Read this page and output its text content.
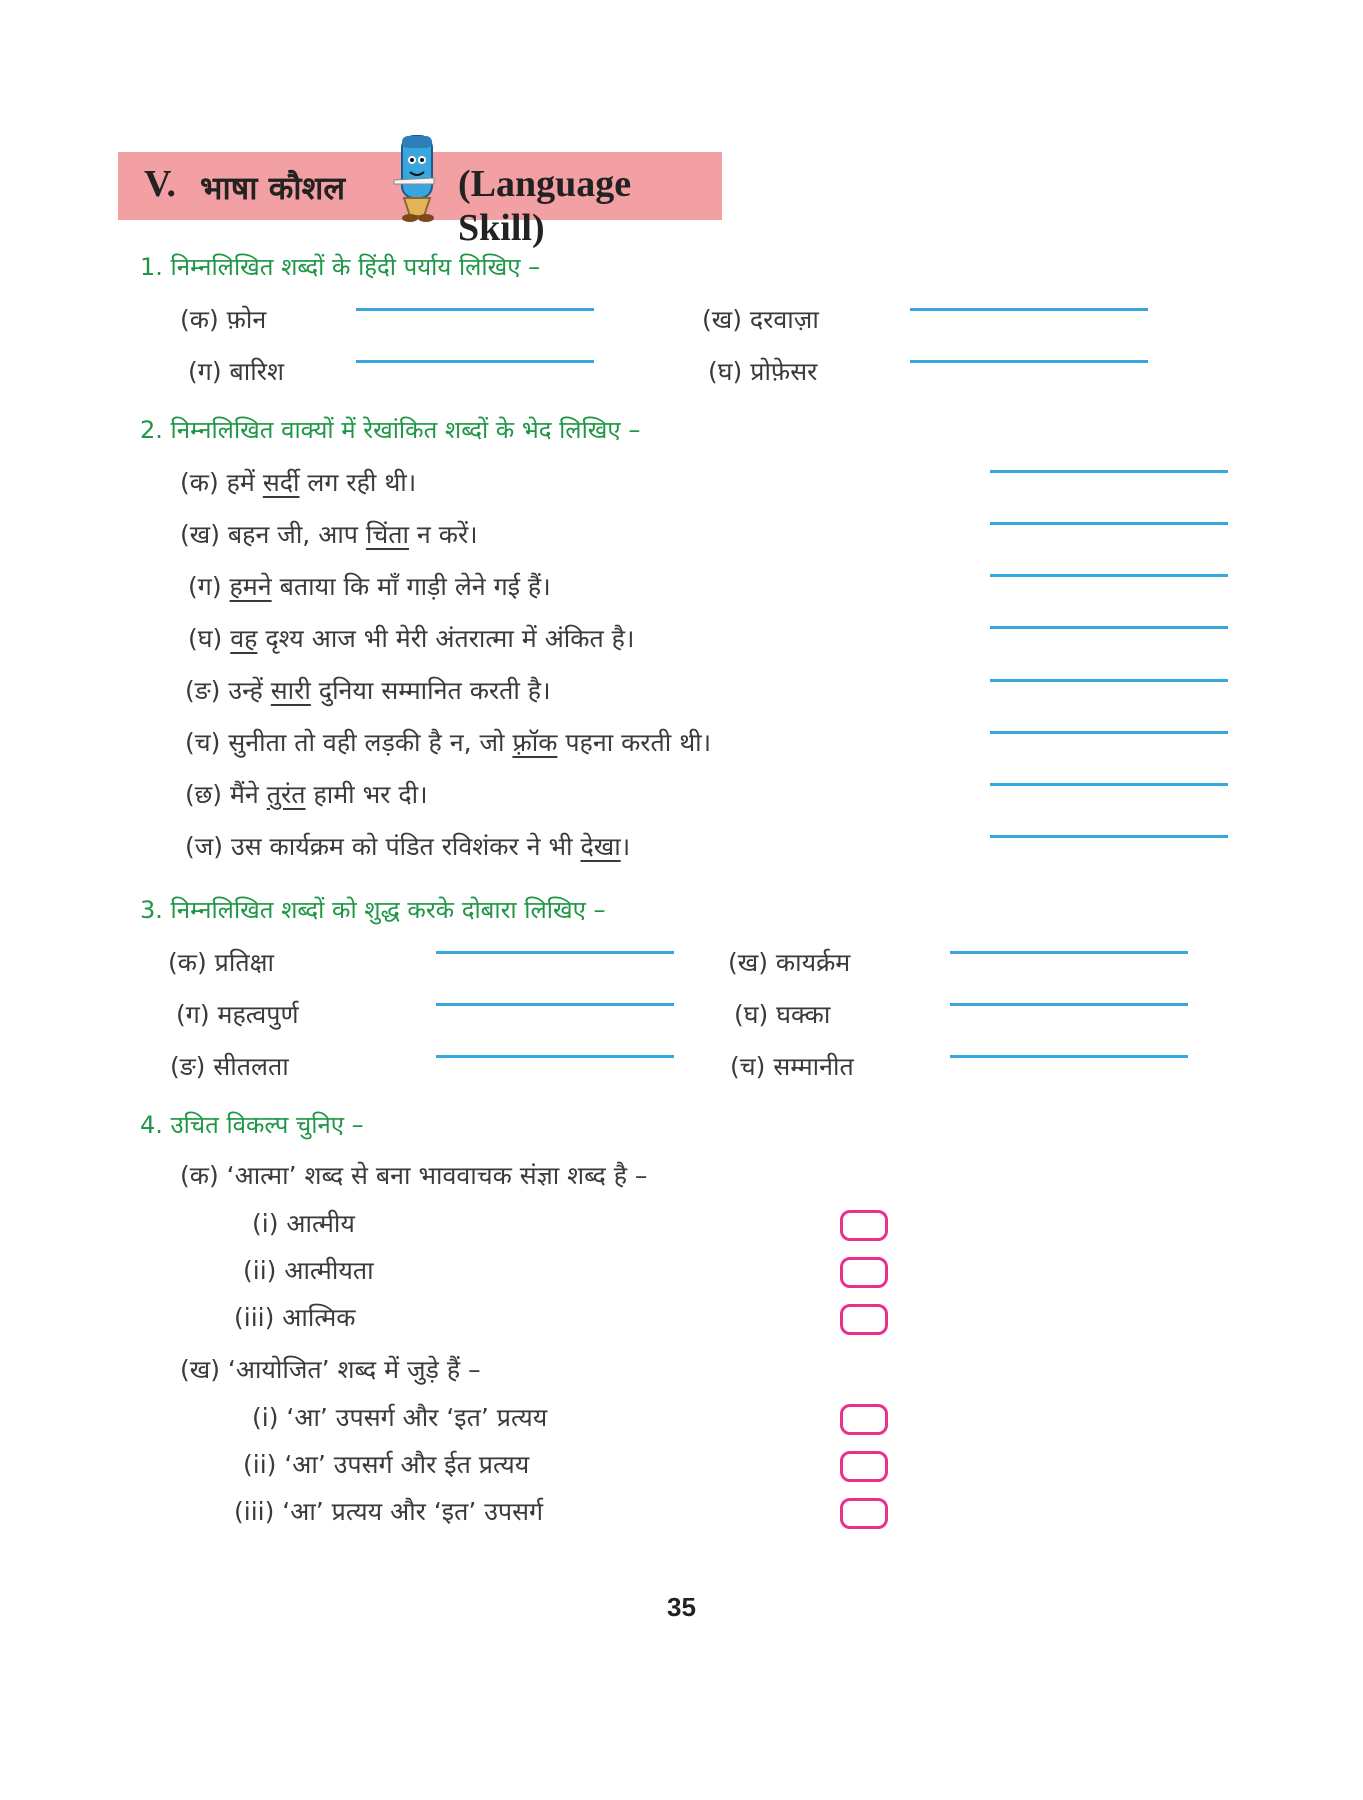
V. भाषा कौशल	(Language Skill)
1. निम्नलिखित शब्दों के हिंदी पर्याय लिखिए –
(क) फ़ोन	(ख) दरवाज़ा
(ग) बारिश	(घ) प्रोफ़ेसर
2. निम्नलिखित वाक्यों में रेखांकित शब्दों के भेद लिखिए –
(क) हमें सर्दी लग रही थी।
(ख) बहन जी, आप चिंता न करें।
(ग) हमने बताया कि माँ गाड़ी लेने गई हैं।
(घ) वह दृश्य आज भी मेरी अंतरात्मा में अंकित है।
(ङ) उन्हें सारी दुनिया सम्मानित करती है।
(च) सुनीता तो वही लड़की है न, जो फ़्रॉक पहना करती थी।
(छ) मैंने तुरंत हामी भर दी।
(ज) उस कार्यक्रम को पंडित रविशंकर ने भी देखा।
3. निम्नलिखित शब्दों को शुद्ध करके दोबारा लिखिए –
(क) प्रतिक्षा	(ख) कायर्क्रम
(ग) महत्वपुर्ण	(घ) घक्का
(ङ) सीतलता	(च) सम्मानीत
4. उचित विकल्प चुनिए –
(क) ‘आत्मा’ शब्द से बना भाववाचक संज्ञा शब्द है –
(i) आत्मीय
(ii) आत्मीयता
(iii) आत्मिक
(ख) ‘आयोजित’ शब्द में जुड़े हैं –
(i) ‘आ’ उपसर्ग और ‘इत’ प्रत्यय
(ii) ‘आ’ उपसर्ग और ईत प्रत्यय
(iii) ‘आ’ प्रत्यय और ‘इत’ उपसर्ग
35
